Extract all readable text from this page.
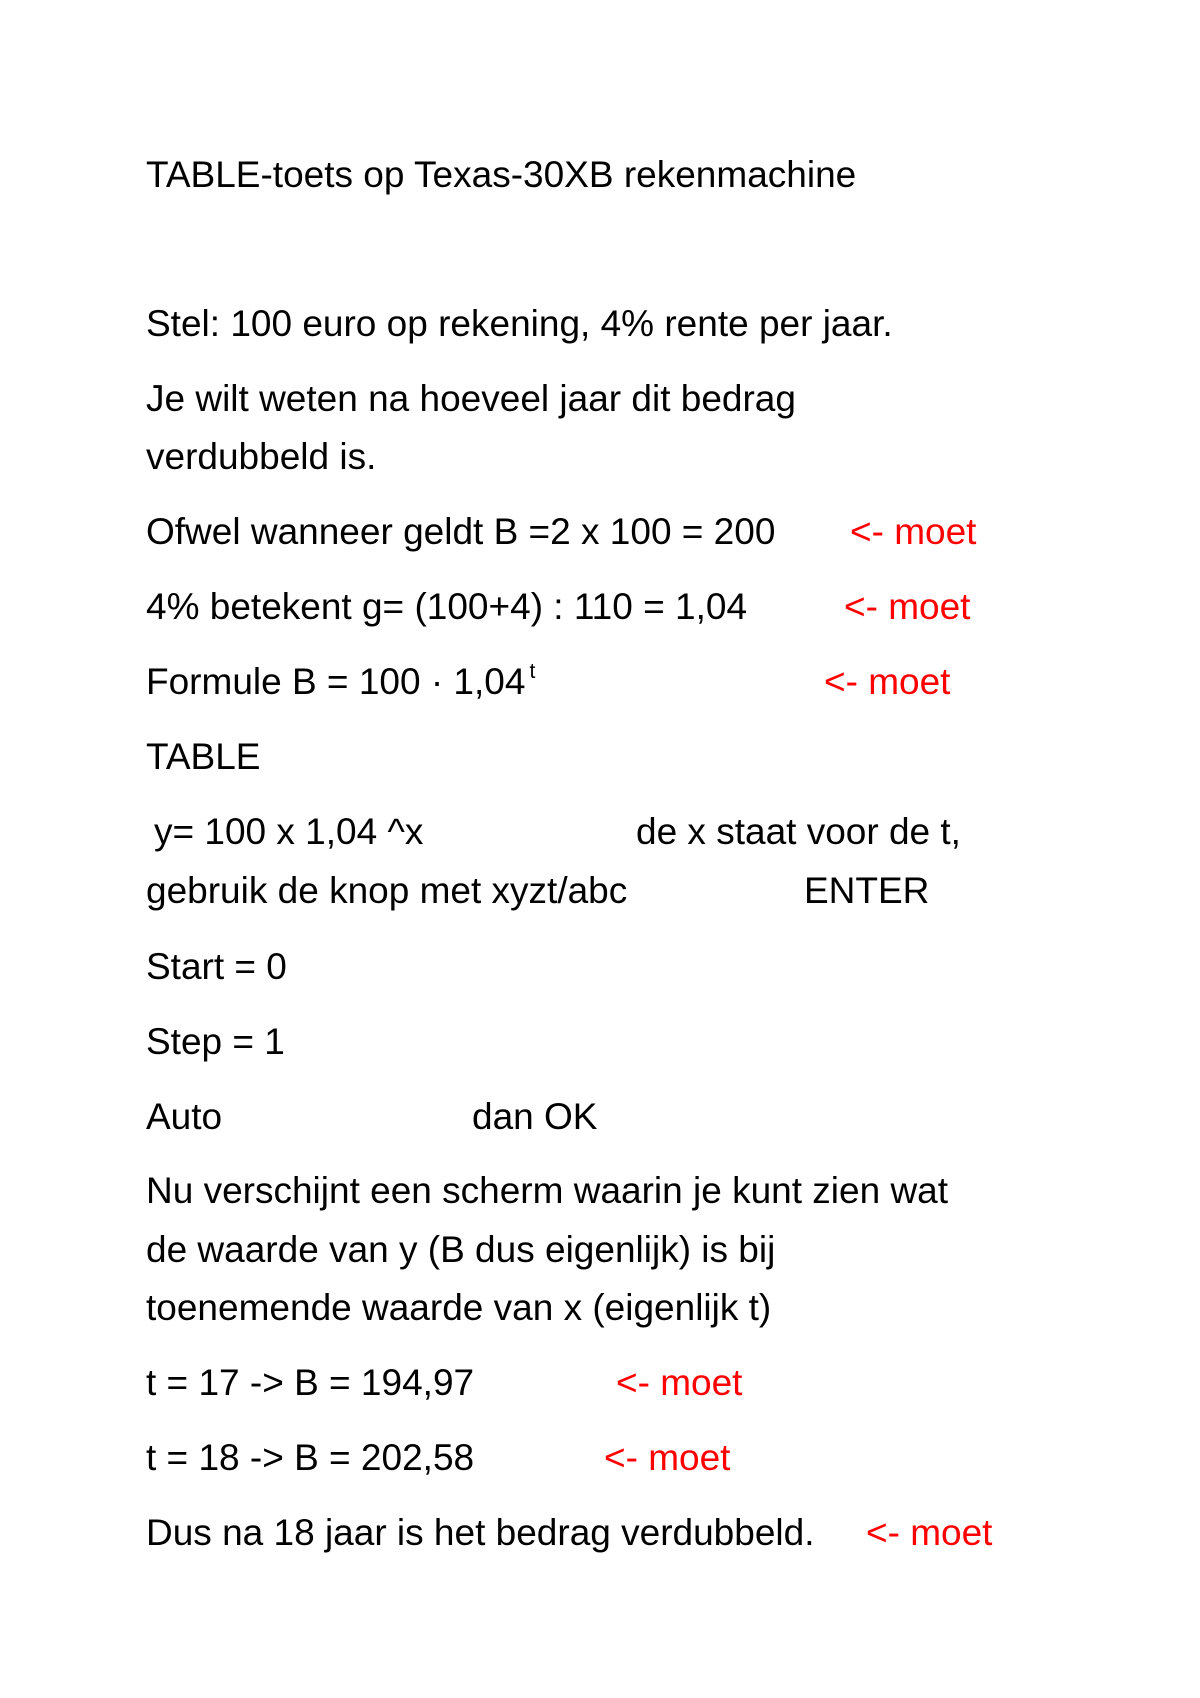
TABLE-toets op Texas-30XB rekenmachine
Stel: 100 euro op rekening, 4% rente per jaar.
Je wilt weten na hoeveel jaar dit bedrag
verdubbeld is.
Ofwel wanneer geldt B =2 x 100 = 200 <- moet
4% betekent g= (100+4) : 110 = 1,04	<- moet
Formule B = 100 · 1,04 $^t$	<- moet
TABLE
y= 100 x 1,04 ^x	de x staat voor de t,
gebruik de knop met xyzt/abc	ENTER
Start = 0
Step = 1
Auto	dan OK
Nu verschijnt een scherm waarin je kunt zien wat
de waarde van y (B dus eigenlijk) is bij
toenemende waarde van x (eigenlijk t)
t = 17 -> B = 194,97	<- moet
t = 18 -> B = 202,58	<- moet
Dus na 18 jaar is het bedrag verdubbeld. <- moet
